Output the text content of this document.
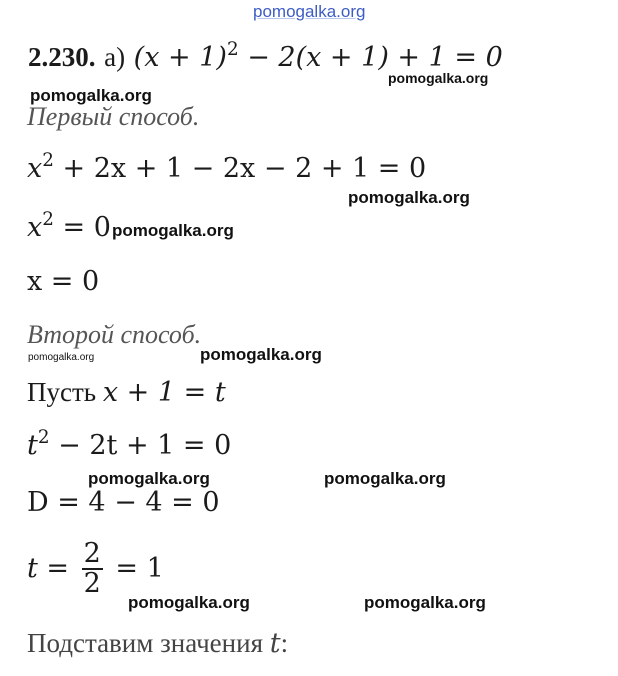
pomogalka.org
2.230. а) $(x + 1)^2 - 2(x + 1) + 1 = 0$
Первый способ.
$x^2 + 2x + 1 - 2x - 2 + 1 = 0$
$x^2 = 0$
x = 0
Второй способ.
Пусть x + 1 = t
$t^2 - 2t + 1 = 0$
D = 4 − 4 = 0
$t = \frac{2}{2} = 1$
Подставим значения t:
pomogalka.org
pomogalka.org
pomogalka.org
pomogalka.org
pomogalka.org	pomogalka.org
pomogalka.org	pomogalka.org
pomogalka.org	pomogalka.org
